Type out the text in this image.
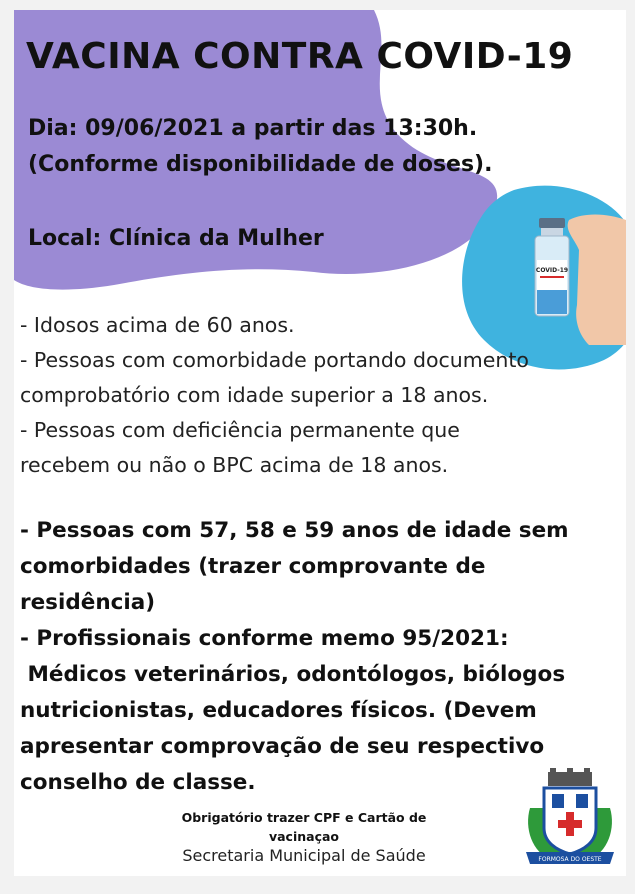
COVID-19
VACINA CONTRA COVID-19
Dia: 09/06/2021 a partir das 13:30h.
(Conforme disponibilidade de doses).
Local: Clínica da Mulher
- Idosos acima de 60 anos.
- Pessoas com comorbidade portando documento
comprobatório com idade superior a 18 anos.
- Pessoas com deficiência permanente que
recebem ou não o BPC acima de 18 anos.
- Pessoas com 57, 58 e 59 anos de idade sem
comorbidades (trazer comprovante de
residência)
- Profissionais conforme memo 95/2021:
Médicos veterinários, odontólogos, biólogos
nutricionistas, educadores físicos. (Devem
apresentar comprovação de seu respectivo
conselho de classe.
Obrigatório trazer CPF e Cartão de
vacinaçao
Secretaria Municipal de Saúde	FORMOSA DO OESTE
